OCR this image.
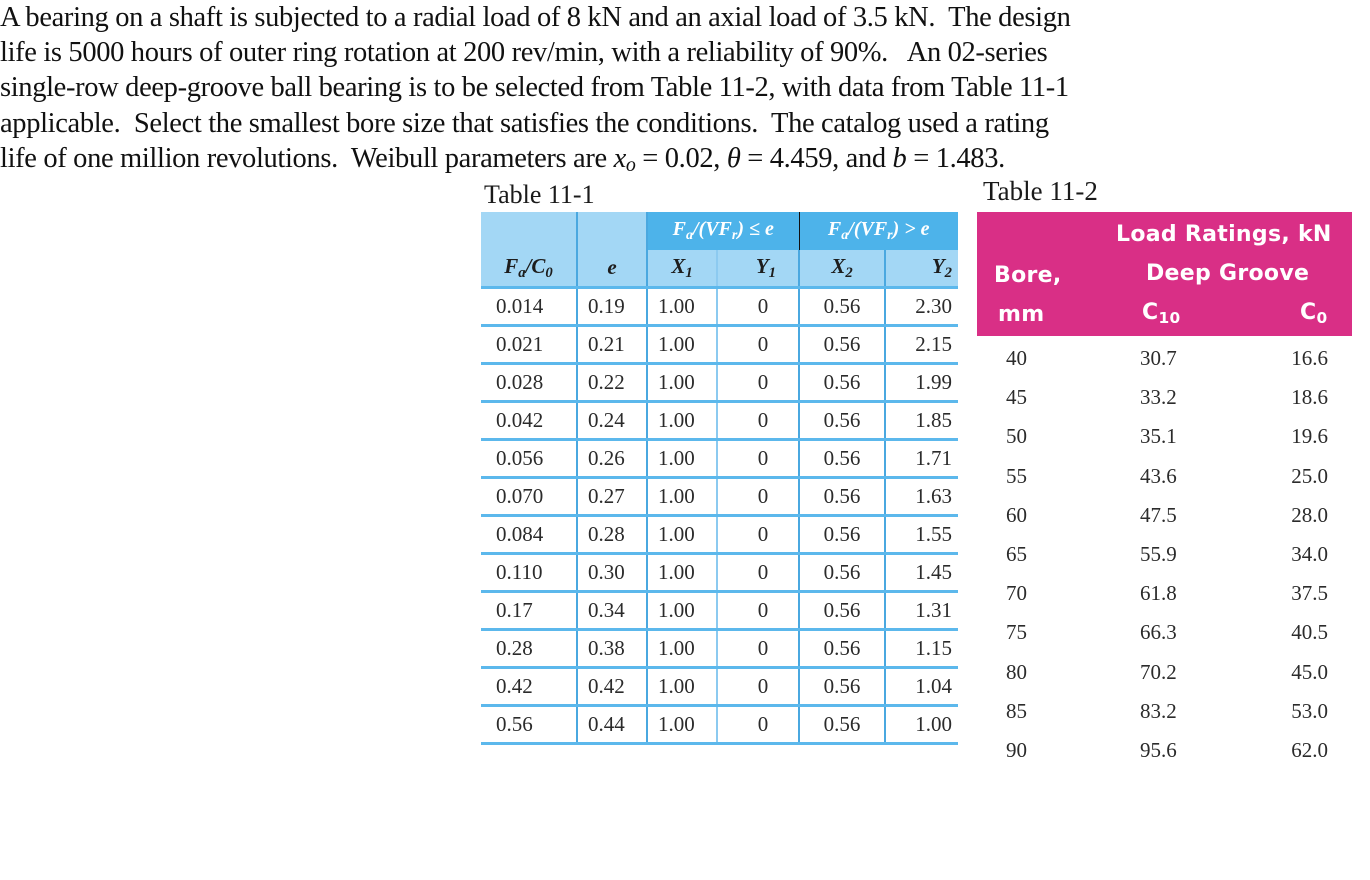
A bearing on a shaft is subjected to a radial load of 8 kN and an axial load of 3.5 kN.  The design

life is 5000 hours of outer ring rotation at 200 rev/min, with a reliability of 90%.   An 02-series

single-row deep-groove ball bearing is to be selected from Table 11-2, with data from Table 11-1

applicable.  Select the smallest bore size that satisfies the conditions.  The catalog used a rating

life of one million revolutions.  Weibull parameters are $x_o = 0.02$, θ = 4.459, and b = 1.483.

Table 11-1	Table 11-2
		$F_a/(VF_r) \le e$		$F_a/(VF_r) > e$	
$F_a/C_0$	e	$X_1$	$Y_1$	$X_2$	$Y_2$
0.014	0.19	1.00	0	0.56	2.30
0.021	0.21	1.00	0	0.56	2.15
0.028	0.22	1.00	0	0.56	1.99
0.042	0.24	1.00	0	0.56	1.85
0.056	0.26	1.00	0	0.56	1.71
0.070	0.27	1.00	0	0.56	1.63
0.084	0.28	1.00	0	0.56	1.55
0.110	0.30	1.00	0	0.56	1.45
0.17	0.34	1.00	0	0.56	1.31
0.28	0.38	1.00	0	0.56	1.15
0.42	0.42	1.00	0	0.56	1.04
0.56	0.44	1.00	0	0.56	1.00
Load Ratings, kN
Deep Groove
Bore,
mm	$C_{10}$	$C_0$
40	30.7	16.6
45	33.2	18.6
50	35.1	19.6
55	43.6	25.0
60	47.5	28.0
65	55.9	34.0
70	61.8	37.5
75	66.3	40.5
80	70.2	45.0
85	83.2	53.0
90	95.6	62.0
